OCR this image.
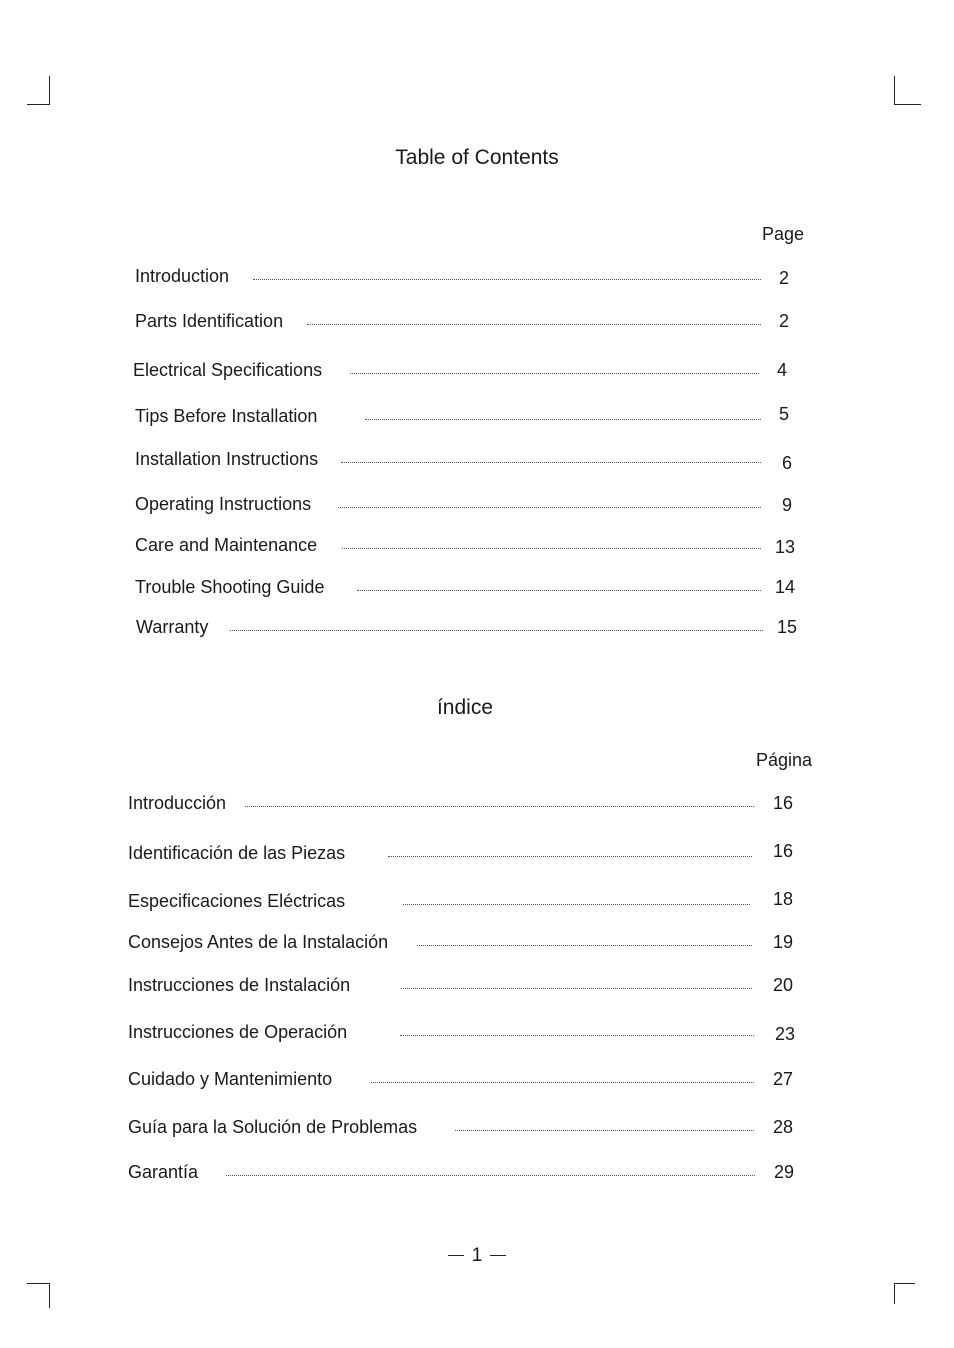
Table of Contents
Page
Introduction	2
Parts Identification	2
Electrical Specifications	4
Tips Before Installation	5
Installation Instructions	6
Operating Instructions	9
Care and Maintenance	13
Trouble Shooting Guide	14
Warranty	15
índice
Página
Introducción	16
Identificación de las Piezas	16
Especificaciones Eléctricas	18
Consejos Antes de la Instalación	19
Instrucciones de Instalación	20
Instrucciones de Operación	23
Cuidado y Mantenimiento	27
Guía para la Solución de Problemas	28
Garantía	29
1
